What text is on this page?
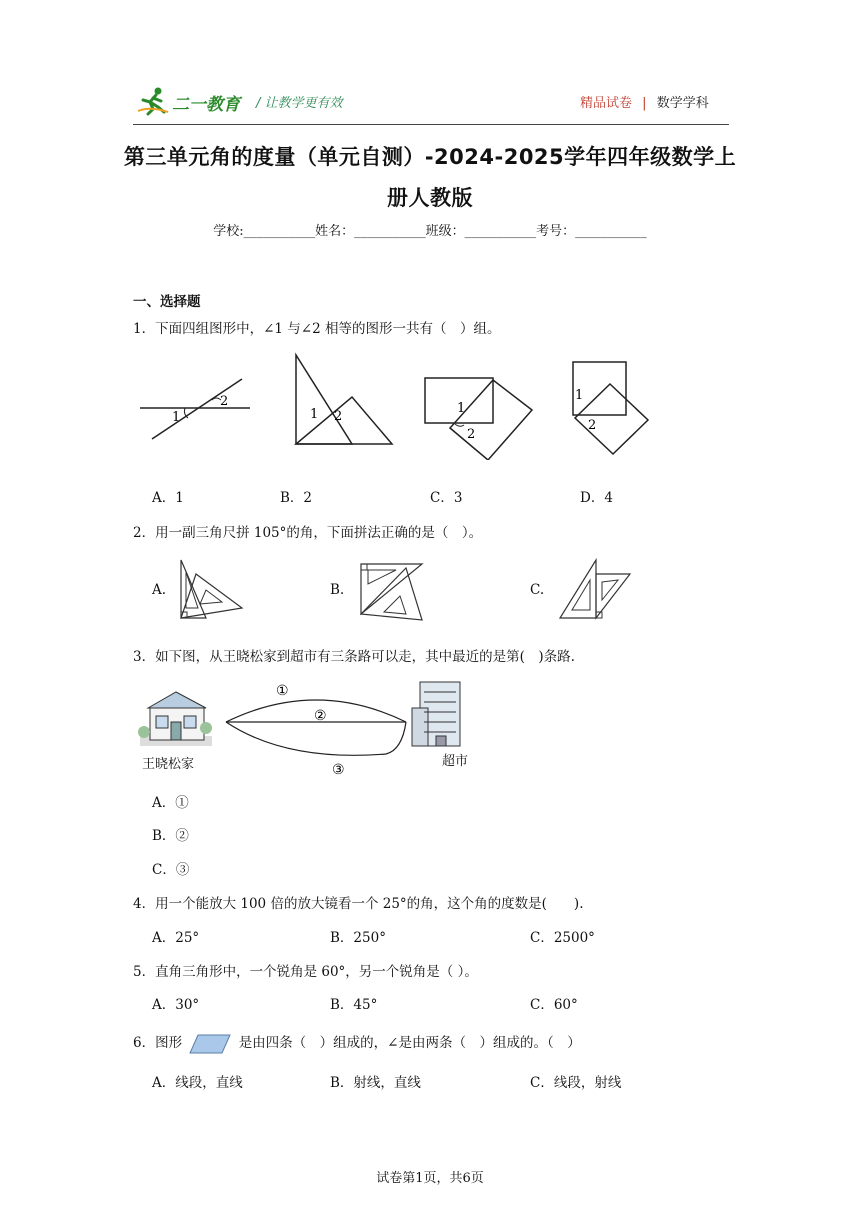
二一教育 / 让教学更有效	精品试卷 | 数学学科
第三单元角的度量（单元自测）-2024-2025学年四年级数学上
册人教版
学校:___________姓名：___________班级：___________考号：___________
一、选择题
1．下面四组图形中，∠1 与∠2 相等的图形一共有（　）组。
1
2
1 2
1
2
1
2
A．1	B．2	C．3	D．4
2．用一副三角尺拼 105°的角，下面拼法正确的是（　）。
A.	B.	C.
3．如下图，从王晓松家到超市有三条路可以走，其中最近的是第(　)条路.
①
②
③
王晓松家	超市
A．①
B．②
C．③
4．用一个能放大 100 倍的放大镜看一个 25°的角，这个角的度数是(　　).
A．25°	B．250°	C．2500°
5．直角三角形中，一个锐角是 60°，另一个锐角是（ ）。
A．30°	B．45°	C．60°
6．图形	是由四条（　）组成的，∠是由两条（　）组成的。（　）
A．线段，直线	B．射线，直线	C．线段，射线
试卷第1页，共6页
